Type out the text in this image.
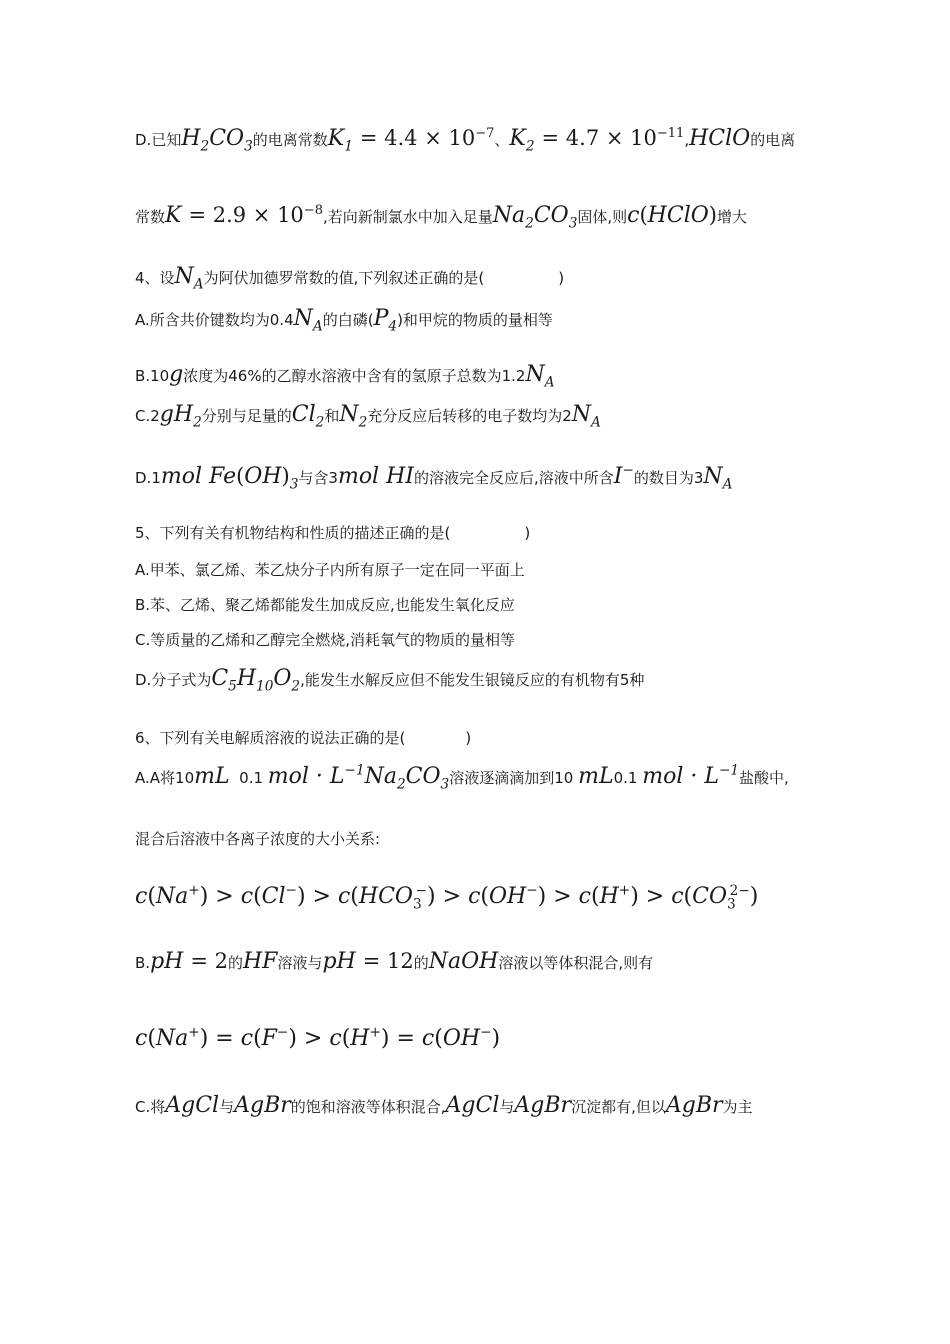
D.已知$H_2CO_3$的电离常数$K_1 = 4.4 \times 10^{-7}$、$K_2 = 4.7$ × $10^{-11},HClO$的电离
常数$K = 2.9 \times 10^{-8}$,若向新制氯水中加入足量$Na_2CO_3$固体,则c(HClO)增大
4、设$N_A$为阿伏加德罗常数的值,下列叙述正确的是(	)
A.所含共价键数均为$0.4N_A$的白磷$(P_4)$和甲烷的物质的量相等
B.10g浓度为46%的乙醇水溶液中含有的氢原子总数为$1.2N_A$
$C.2gH_2$分别与足量的$Cl_2$和$N_2$充分反应后转移的电子数均为$2N_A$
D.1mol $Fe(OH)_3$与含3mol HI的溶液完全反应后,溶液中所含I−的数目为$3N_A$
5、下列有关有机物结构和性质的描述正确的是(	)
A.甲苯、氯乙烯、苯乙炔分子内所有原子一定在同一平面上
B.苯、乙烯、聚乙烯都能发生加成反应,也能发生氧化反应
C.等质量的乙烯和乙醇完全燃烧,消耗氧气的物质的量相等
D.分子式为$C_5H_{10}O_2$,能发生水解反应但不能发生银镜反应的有机物有5种
6、下列有关电解质溶液的说法正确的是(	)
A.A将10mL 0.1 mol · $L^{-1}Na_2CO_3$溶液逐滴滴加到10 mL0.1 mol · $L^{-1}$盐酸中,
混合后溶液中各离子浓度的大小关系:
$c(Na^+) > c(Cl^-) > c(HCO_3^-) > c(OH^-) > c(H^+) > c(CO_3^{2-})$
B.pH = 2的HF溶液与pH = 12的NaOH溶液以等体积混合,则有
c(Na+) = c(F−) > c(H+) = c(OH−)
C.将AgCl与AgBr的饱和溶液等体积混合,AgCl与AgBr沉淀都有,但以AgBr为主
